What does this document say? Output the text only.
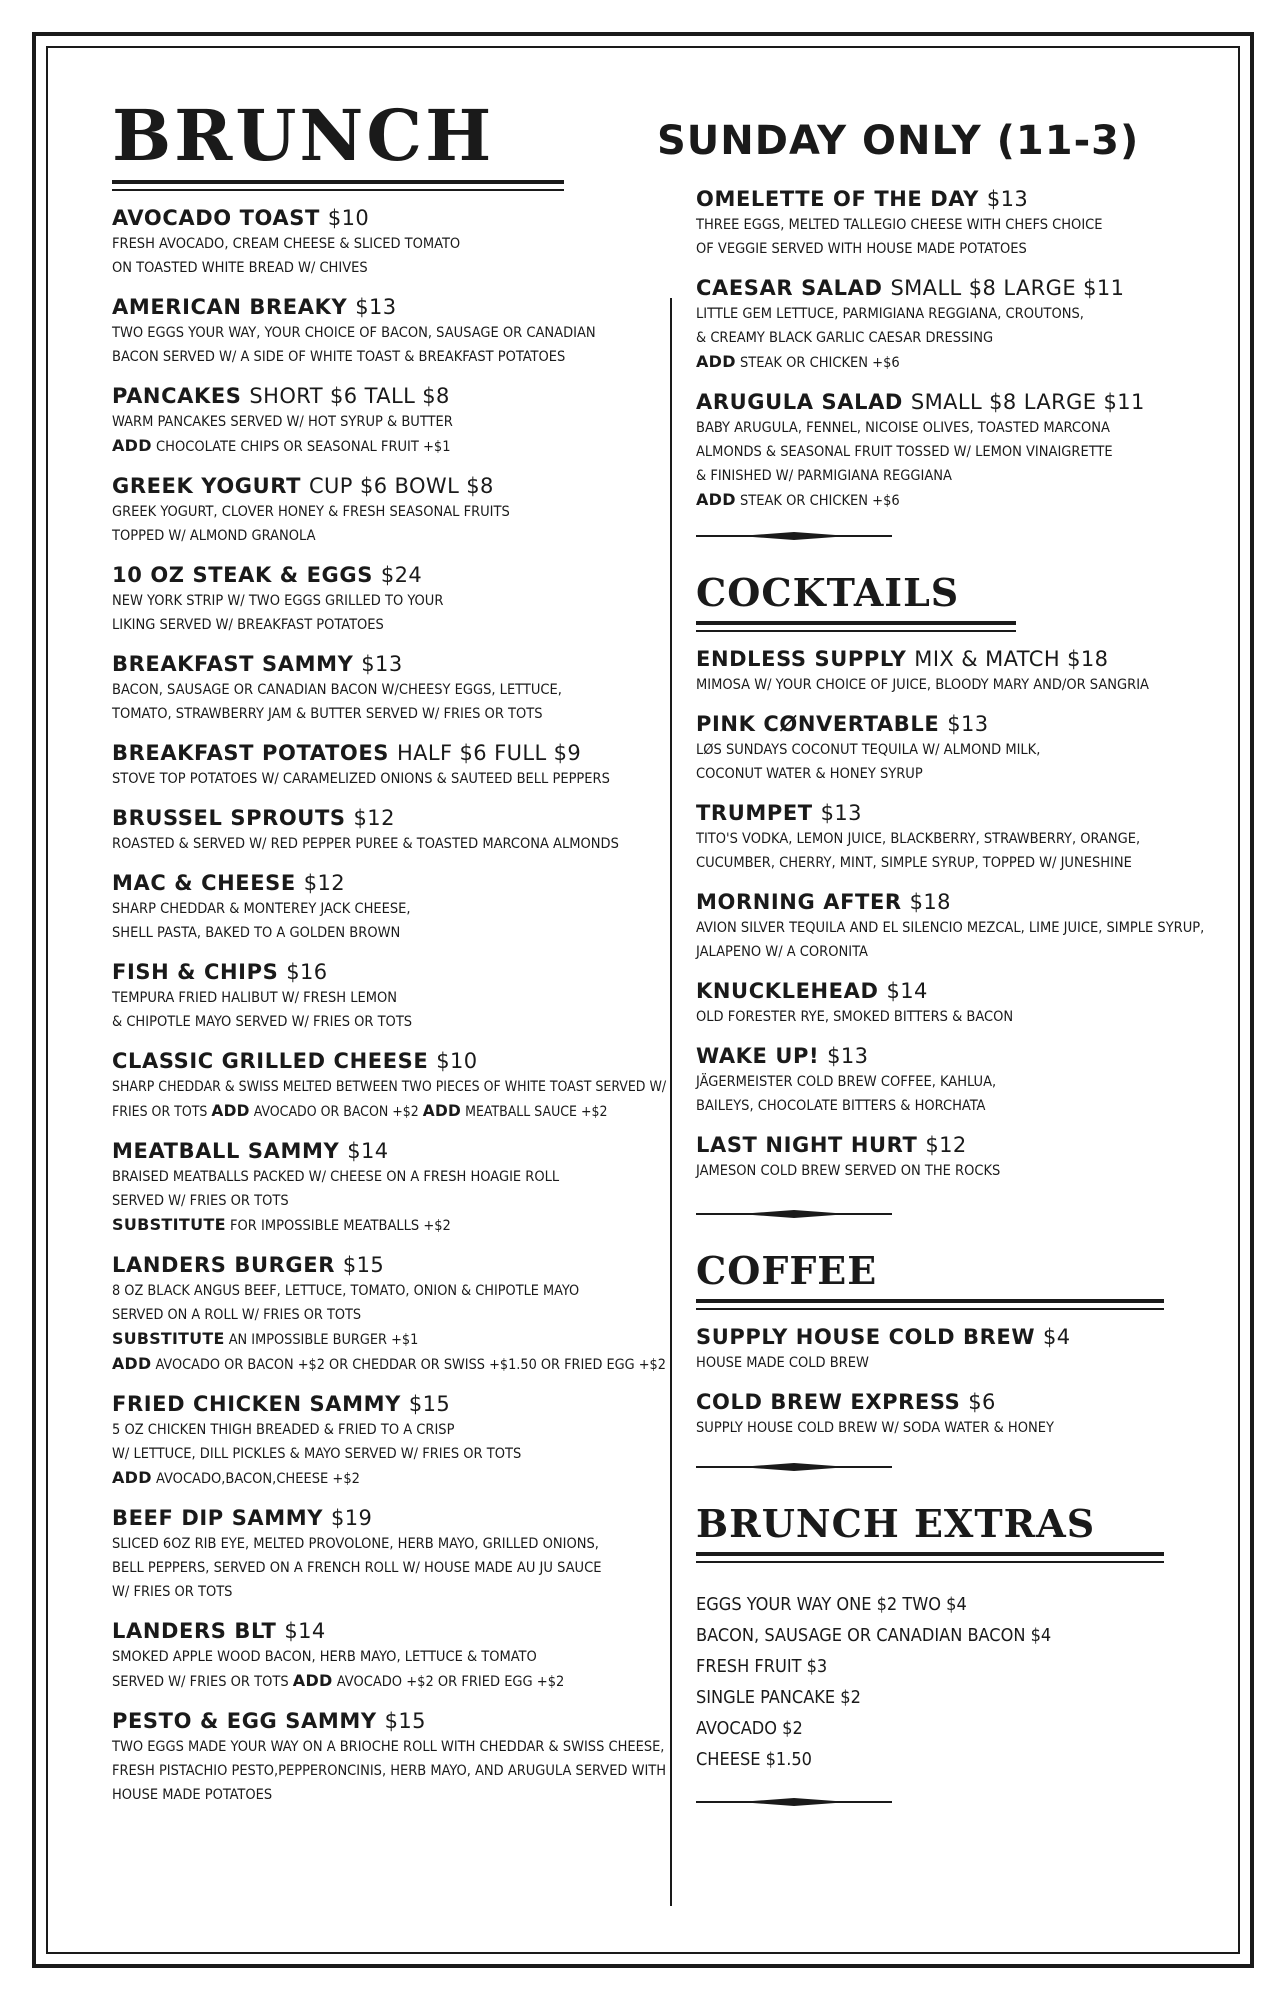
SUNDAY ONLY (11-3)
BRUNCH
AVOCADO TOAST $10
FRESH AVOCADO, CREAM CHEESE & SLICED TOMATO
ON TOASTED WHITE BREAD W/ CHIVES
AMERICAN BREAKY $13
TWO EGGS YOUR WAY, YOUR CHOICE OF BACON, SAUSAGE OR CANADIAN
BACON SERVED W/ A SIDE OF WHITE TOAST & BREAKFAST POTATOES
PANCAKES SHORT $6 TALL $8
WARM PANCAKES SERVED W/ HOT SYRUP & BUTTER
ADD CHOCOLATE CHIPS OR SEASONAL FRUIT +$1
GREEK YOGURT CUP $6 BOWL $8
GREEK YOGURT, CLOVER HONEY & FRESH SEASONAL FRUITS
TOPPED W/ ALMOND GRANOLA
10 OZ STEAK & EGGS $24
NEW YORK STRIP W/ TWO EGGS GRILLED TO YOUR
LIKING SERVED W/ BREAKFAST POTATOES
BREAKFAST SAMMY $13
BACON, SAUSAGE OR CANADIAN BACON W/CHEESY EGGS, LETTUCE,
TOMATO, STRAWBERRY JAM & BUTTER SERVED W/ FRIES OR TOTS
BREAKFAST POTATOES HALF $6 FULL $9
STOVE TOP POTATOES W/ CARAMELIZED ONIONS & SAUTEED BELL PEPPERS
BRUSSEL SPROUTS $12
ROASTED & SERVED W/ RED PEPPER PUREE & TOASTED MARCONA ALMONDS
MAC & CHEESE $12
SHARP CHEDDAR & MONTEREY JACK CHEESE,
SHELL PASTA, BAKED TO A GOLDEN BROWN
FISH & CHIPS $16
TEMPURA FRIED HALIBUT W/ FRESH LEMON
& CHIPOTLE MAYO SERVED W/ FRIES OR TOTS
CLASSIC GRILLED CHEESE $10
SHARP CHEDDAR & SWISS MELTED BETWEEN TWO PIECES OF WHITE TOAST SERVED W/
FRIES OR TOTS ADD AVOCADO OR BACON +$2 ADD MEATBALL SAUCE +$2
MEATBALL SAMMY $14
BRAISED MEATBALLS PACKED W/ CHEESE ON A FRESH HOAGIE ROLL
SERVED W/ FRIES OR TOTS
SUBSTITUTE FOR IMPOSSIBLE MEATBALLS +$2
LANDERS BURGER $15
8 OZ BLACK ANGUS BEEF, LETTUCE, TOMATO, ONION & CHIPOTLE MAYO
SERVED ON A ROLL W/ FRIES OR TOTS
SUBSTITUTE AN IMPOSSIBLE BURGER +$1
ADD AVOCADO OR BACON +$2 OR CHEDDAR OR SWISS +$1.50 OR FRIED EGG +$2
FRIED CHICKEN SAMMY $15
5 OZ CHICKEN THIGH BREADED & FRIED TO A CRISP
W/ LETTUCE, DILL PICKLES & MAYO SERVED W/ FRIES OR TOTS
ADD AVOCADO,BACON,CHEESE +$2
BEEF DIP SAMMY $19
SLICED 6OZ RIB EYE, MELTED PROVOLONE, HERB MAYO, GRILLED ONIONS,
BELL PEPPERS, SERVED ON A FRENCH ROLL W/ HOUSE MADE AU JU SAUCE
W/ FRIES OR TOTS
LANDERS BLT $14
SMOKED APPLE WOOD BACON, HERB MAYO, LETTUCE & TOMATO
SERVED W/ FRIES OR TOTS ADD AVOCADO +$2 OR FRIED EGG +$2
PESTO & EGG SAMMY $15
TWO EGGS MADE YOUR WAY ON A BRIOCHE ROLL WITH CHEDDAR & SWISS CHEESE,
FRESH PISTACHIO PESTO,PEPPERONCINIS, HERB MAYO, AND ARUGULA SERVED WITH
HOUSE MADE POTATOES
OMELETTE OF THE DAY $13
THREE EGGS, MELTED TALLEGIO CHEESE WITH CHEFS CHOICE
OF VEGGIE SERVED WITH HOUSE MADE POTATOES
CAESAR SALAD SMALL $8 LARGE $11
LITTLE GEM LETTUCE, PARMIGIANA REGGIANA, CROUTONS,
& CREAMY BLACK GARLIC CAESAR DRESSING
ADD STEAK OR CHICKEN +$6
ARUGULA SALAD SMALL $8 LARGE $11
BABY ARUGULA, FENNEL, NICOISE OLIVES, TOASTED MARCONA
ALMONDS & SEASONAL FRUIT TOSSED W/ LEMON VINAIGRETTE
& FINISHED W/ PARMIGIANA REGGIANA
ADD STEAK OR CHICKEN +$6
COCKTAILS
ENDLESS SUPPLY MIX & MATCH $18
MIMOSA W/ YOUR CHOICE OF JUICE, BLOODY MARY AND/OR SANGRIA
PINK CØNVERTABLE $13
LØS SUNDAYS COCONUT TEQUILA W/ ALMOND MILK,
COCONUT WATER & HONEY SYRUP
TRUMPET $13
TITO'S VODKA, LEMON JUICE, BLACKBERRY, STRAWBERRY, ORANGE,
CUCUMBER, CHERRY, MINT, SIMPLE SYRUP, TOPPED W/ JUNESHINE
MORNING AFTER $18
AVION SILVER TEQUILA AND EL SILENCIO MEZCAL, LIME JUICE, SIMPLE SYRUP,
JALAPENO W/ A CORONITA
KNUCKLEHEAD $14
OLD FORESTER RYE, SMOKED BITTERS & BACON
WAKE UP! $13
JÄGERMEISTER COLD BREW COFFEE, KAHLUA,
BAILEYS, CHOCOLATE BITTERS & HORCHATA
LAST NIGHT HURT $12
JAMESON COLD BREW SERVED ON THE ROCKS
COFFEE
SUPPLY HOUSE COLD BREW $4
HOUSE MADE COLD BREW
COLD BREW EXPRESS $6
SUPPLY HOUSE COLD BREW W/ SODA WATER & HONEY
BRUNCH EXTRAS
EGGS YOUR WAY ONE $2 TWO $4
BACON, SAUSAGE OR CANADIAN BACON $4
FRESH FRUIT $3
SINGLE PANCAKE $2
AVOCADO $2
CHEESE $1.50
